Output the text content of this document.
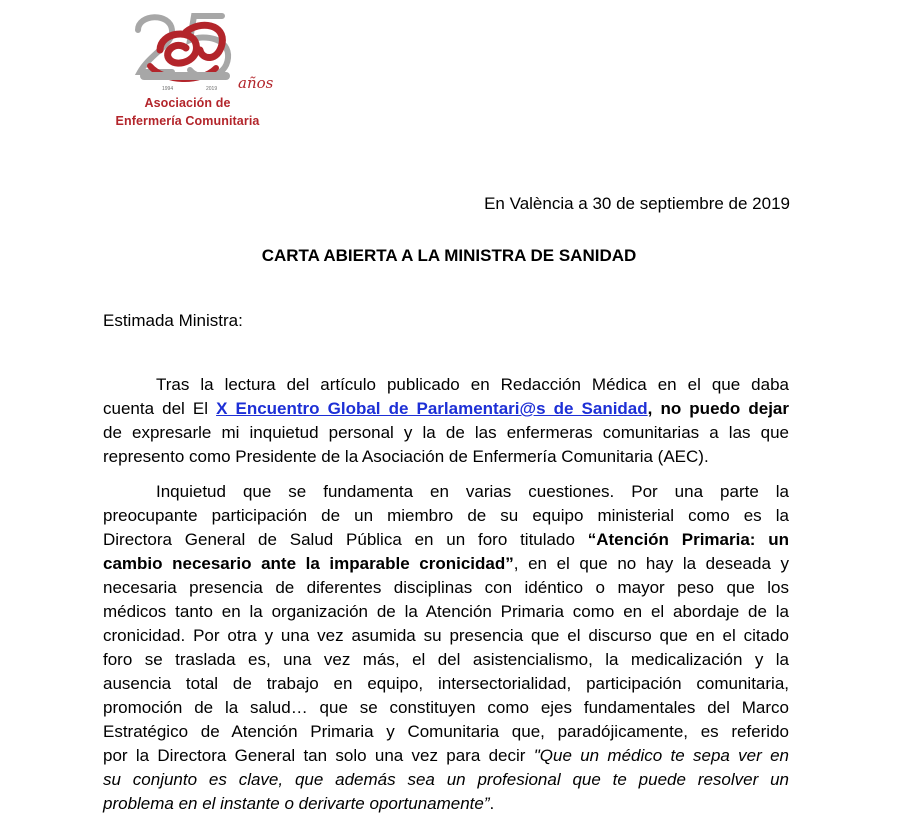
1994	2019 años
Asociación de
Enfermería Comunitaria
En València a 30 de septiembre de 2019
CARTA ABIERTA A LA MINISTRA DE SANIDAD
Estimada Ministra:
Tras la lectura del artículo publicado en Redacción Médica en el que daba
cuenta del El X Encuentro Global de Parlamentari@s de Sanidad, no puedo dejar
de expresarle mi inquietud personal y la de las enfermeras comunitarias a las que
represento como Presidente de la Asociación de Enfermería Comunitaria (AEC).
Inquietud que se fundamenta en varias cuestiones. Por una parte la
preocupante participación de un miembro de su equipo ministerial como es la
Directora General de Salud Pública en un foro titulado “Atención Primaria: un
cambio necesario ante la imparable cronicidad”, en el que no hay la deseada y
necesaria presencia de diferentes disciplinas con idéntico o mayor peso que los
médicos tanto en la organización de la Atención Primaria como en el abordaje de la
cronicidad. Por otra y una vez asumida su presencia que el discurso que en el citado
foro se traslada es, una vez más, el del asistencialismo, la medicalización y la
ausencia total de trabajo en equipo, intersectorialidad, participación comunitaria,
promoción de la salud… que se constituyen como ejes fundamentales del Marco
Estratégico de Atención Primaria y Comunitaria que, paradójicamente, es referido
por la Directora General tan solo una vez para decir "Que un médico te sepa ver en
su conjunto es clave, que además sea un profesional que te puede resolver un
problema en el instante o derivarte oportunamente”.
